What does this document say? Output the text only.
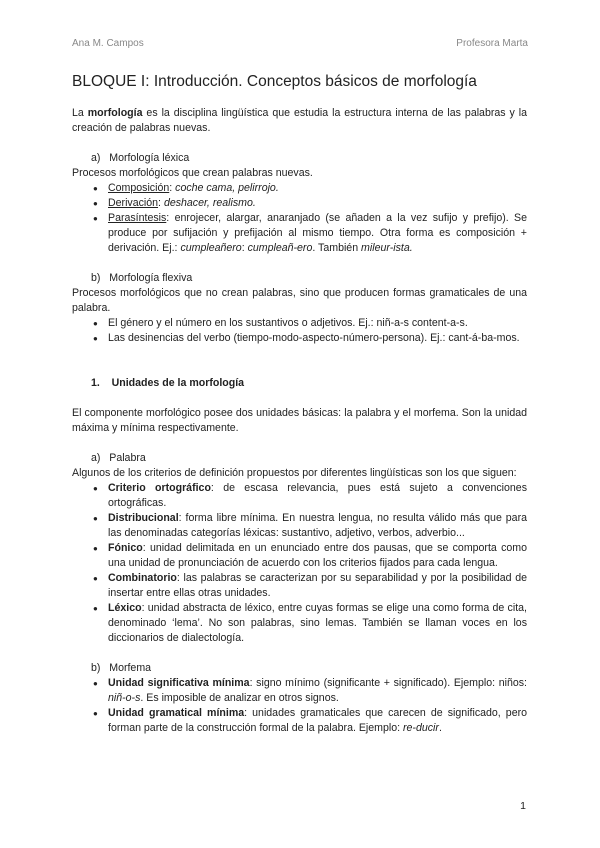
Ana M. Campos	Profesora Marta
BLOQUE I: Introducción. Conceptos básicos de morfología

La morfología es la disciplina lingüística que estudia la estructura interna de las palabras y la creación de palabras nuevas.

a)   Morfología léxica

Procesos morfológicos que crean palabras nuevas.

● Composición: coche cama, pelirrojo.
● Derivación: deshacer, realismo.
● Parasíntesis: enrojecer, alargar, anaranjado (se añaden a la vez sufijo y prefijo). Se produce por sufijación y prefijación al mismo tiempo. Otra forma es composición + derivación. Ej.: cumpleañero: cumpleañ-ero. También mileur-ista.
b)   Morfología flexiva

Procesos morfológicos que no crean palabras, sino que producen formas gramaticales de una palabra.

● El género y el número en los sustantivos o adjetivos. Ej.: niñ-a-s content-a-s.
● Las desinencias del verbo (tiempo-modo-aspecto-número-persona). Ej.: cant-á-ba-mos.
1.    Unidades de la morfología

El componente morfológico posee dos unidades básicas: la palabra y el morfema. Son la unidad máxima y mínima respectivamente.

a)   Palabra

Algunos de los criterios de definición propuestos por diferentes lingüísticas son los que siguen:

● Criterio ortográfico: de escasa relevancia, pues está sujeto a convenciones ortográficas.
● Distribucional: forma libre mínima. En nuestra lengua, no resulta válido más que para las denominadas categorías léxicas: sustantivo, adjetivo, verbos, adverbio...
● Fónico: unidad delimitada en un enunciado entre dos pausas, que se comporta como una unidad de pronunciación de acuerdo con los criterios fijados para cada lengua.
● Combinatorio: las palabras se caracterizan por su separabilidad y por la posibilidad de insertar entre ellas otras unidades.
● Léxico: unidad abstracta de léxico, entre cuyas formas se elige una como forma de cita, denominado ‘lema’. No son palabras, sino lemas. También se llaman voces en los diccionarios de dialectología.
b)   Morfema
● Unidad significativa mínima: signo mínimo (significante + significado). Ejemplo: niños: niñ-o-s. Es imposible de analizar en otros signos.
● Unidad gramatical mínima: unidades gramaticales que carecen de significado, pero forman parte de la construcción formal de la palabra. Ejemplo: re-ducir.
1
